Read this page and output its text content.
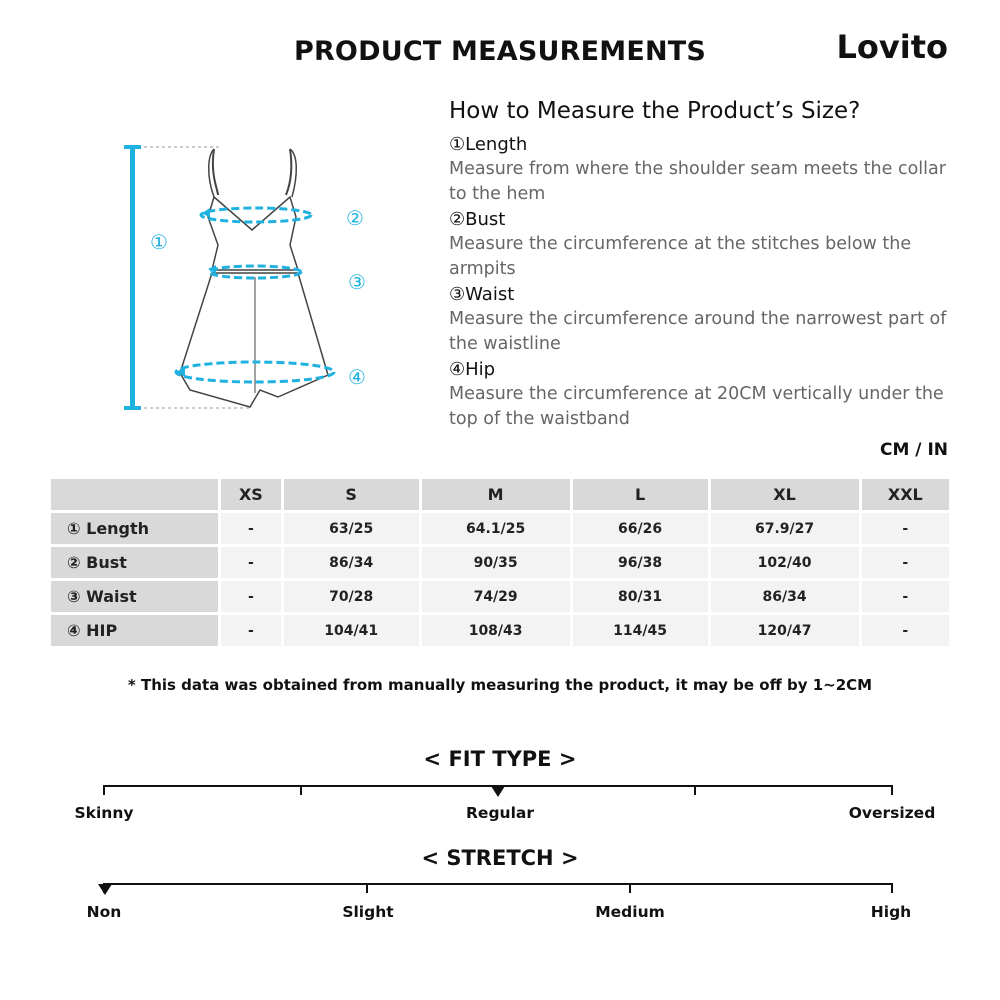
PRODUCT MEASUREMENTS	Lovito
①
②
③
④
How to Measure the Product’s Size?
①Length
Measure from where the shoulder seam meets the collar to the hem
②Bust
Measure the circumference at the stitches below the armpits
③Waist
Measure the circumference around the narrowest part of the waistline
④Hip
Measure the circumference at 20CM vertically under the top of the waistband
CM / IN
	XS	S	M	L	XL	XXL
① Length	-	63/25	64.1/25	66/26	67.9/27	-
② Bust	-	86/34	90/35	96/38	102/40	-
③ Waist	-	70/28	74/29	80/31	86/34	-
④ HIP	-	104/41	108/43	114/45	120/47	-
* This data was obtained from manually measuring the product, it may be off by 1~2CM
< FIT TYPE >
Skinny	Regular	Oversized
< STRETCH >
Non	Slight	Medium	High
